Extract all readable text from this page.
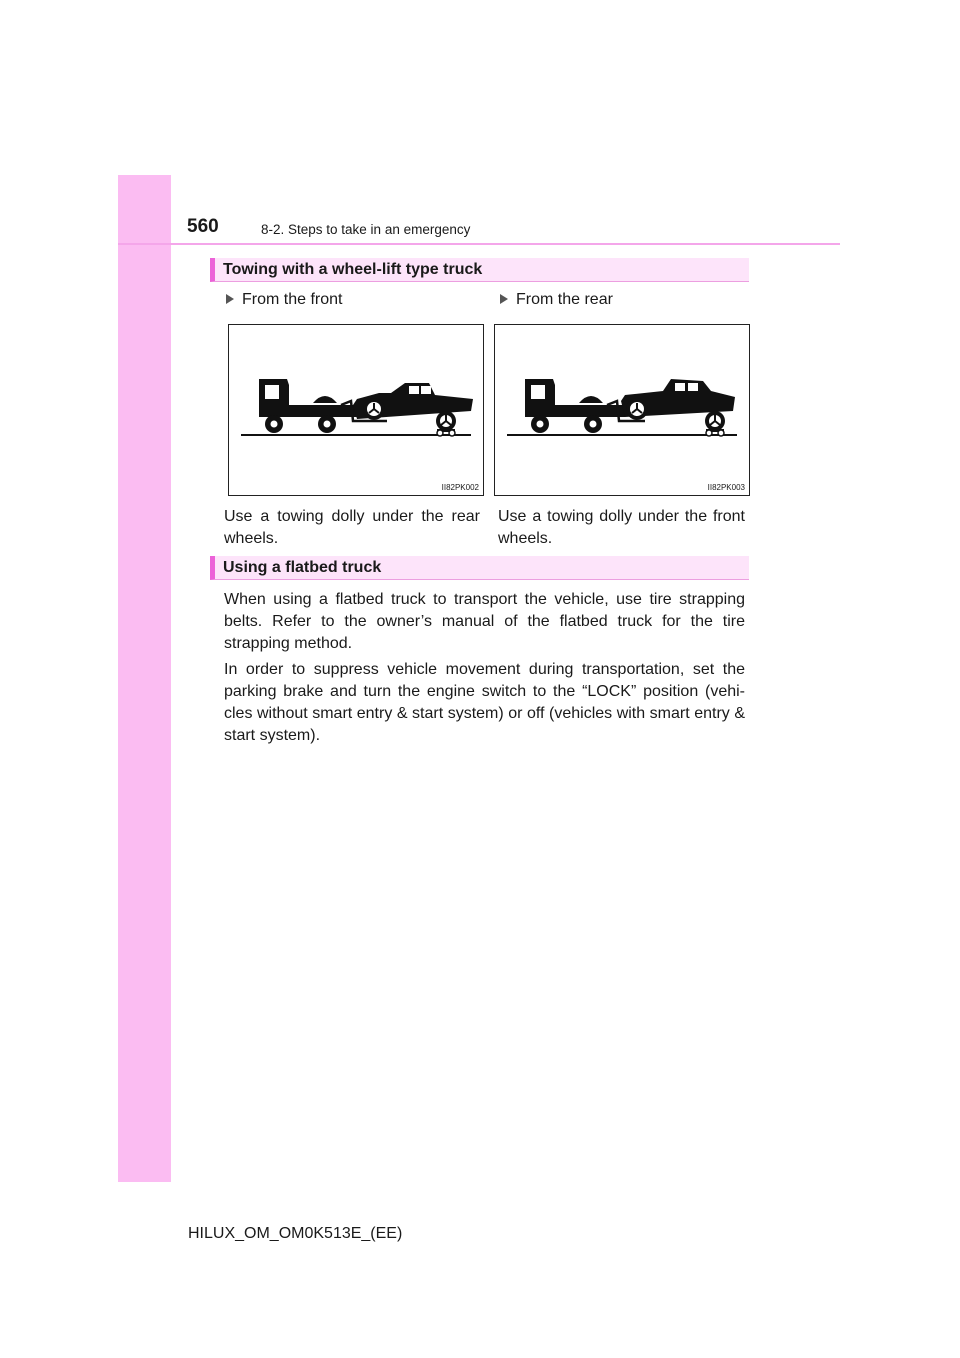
560	8-2. Steps to take in an emergency
Towing with a wheel-lift type truck
From the front	From the rear
II82PK002	II82PK003
Use a towing dolly under the rear wheels.
Use a towing dolly under the front wheels.
Using a flatbed truck
When using a flatbed truck to transport the vehicle, use tire strapping belts. Refer to the owner’s manual of the flatbed truck for the tire strapping method.
In order to suppress vehicle movement during transportation, set the parking brake and turn the engine switch to the “LOCK” position (vehi-cles without smart entry & start system) or off (vehicles with smart entry & start system).
HILUX_OM_OM0K513E_(EE)
